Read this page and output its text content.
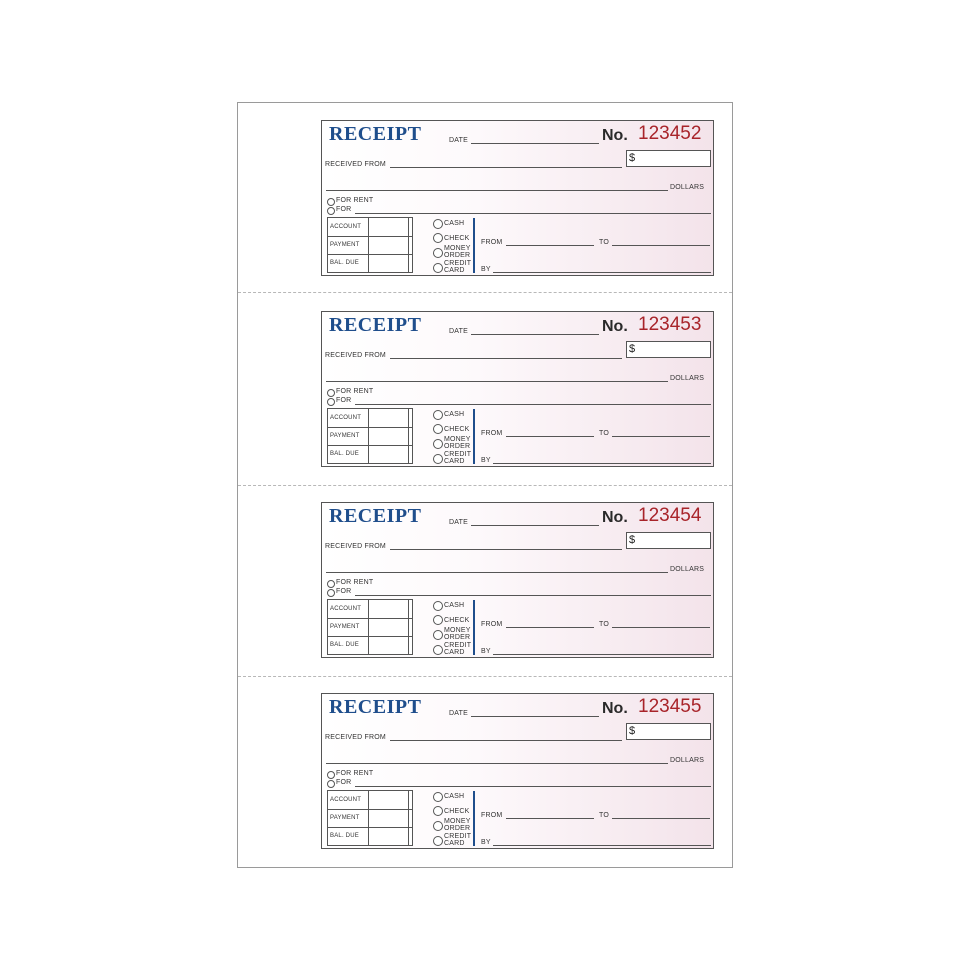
RECEIPT	DATE	No. 123452
$
RECEIVED FROM
DOLLARS
FOR RENT
FOR
ACCOUNT
PAYMENT
BAL. DUE
CASH
CHECK
MONEY
ORDER
CREDIT
CARD
FROM	TO
BY
RECEIPT	DATE	No. 123453
$
RECEIVED FROM
DOLLARS
FOR RENT
FOR
ACCOUNT
PAYMENT
BAL. DUE
CASH
CHECK
MONEY
ORDER
CREDIT
CARD
FROM	TO
BY
RECEIPT	DATE	No. 123454
$
RECEIVED FROM
DOLLARS
FOR RENT
FOR
ACCOUNT
PAYMENT
BAL. DUE
CASH
CHECK
MONEY
ORDER
CREDIT
CARD
FROM	TO
BY
RECEIPT	DATE	No. 123455
$
RECEIVED FROM
DOLLARS
FOR RENT
FOR
ACCOUNT
PAYMENT
BAL. DUE
CASH
CHECK
MONEY
ORDER
CREDIT
CARD
FROM	TO
BY
